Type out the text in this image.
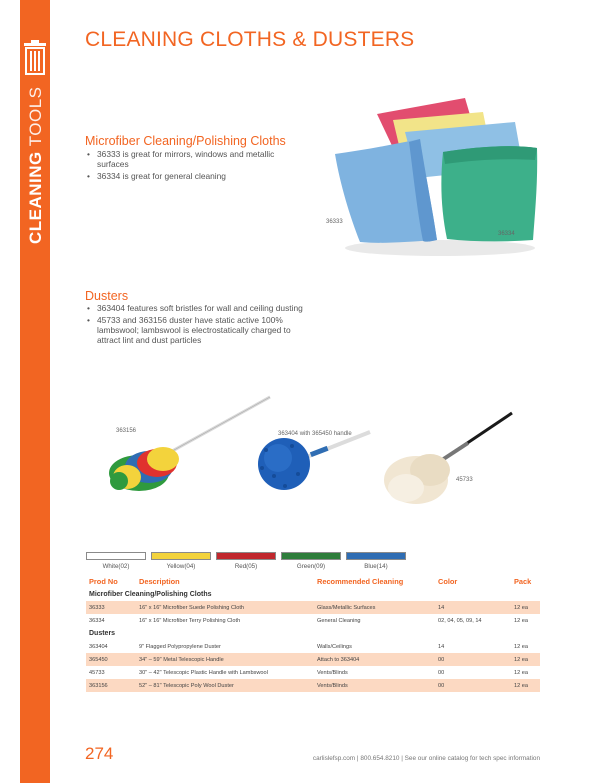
CLEANING TOOLS
CLEANING CLOTHS & DUSTERS
Microfiber Cleaning/Polishing Cloths
• 36333 is great for mirrors, windows and metallic surfaces
• 36334 is great for general cleaning
36333
36334
Dusters
• 363404 features soft bristles for wall and ceiling dusting
• 45733 and 363156 duster have static active 100% lambswool; lambswool is electrostatically charged to attract lint and dust particles
363156	363404 with 365450 handle
45733
White(02)	Yellow(04)	Red(05)	Green(09)	Blue(14)
Prod No	Description	Recommended Cleaning	Color	Pack
Microfiber Cleaning/Polishing Cloths				
36333	16" x 16" Microfiber Suede Polishing Cloth	Glass/Metallic Surfaces	14	12 ea
36334	16" x 16" Microfiber Terry Polishing Cloth	General Cleaning	02, 04, 05, 09, 14	12 ea
Dusters				
363404	9" Flagged Polypropylene Duster	Walls/Ceilings	14	12 ea
365450	34" – 59" Metal Telescopic Handle	Attach to 363404	00	12 ea
45733	30" – 42" Telescopic Plastic Handle with Lambswool	Vents/Blinds	00	12 ea
363156	52" – 81" Telescopic Poly Wool Duster	Vents/Blinds	00	12 ea
274	carlislefsp.com | 800.654.8210 | See our online catalog for tech spec information
